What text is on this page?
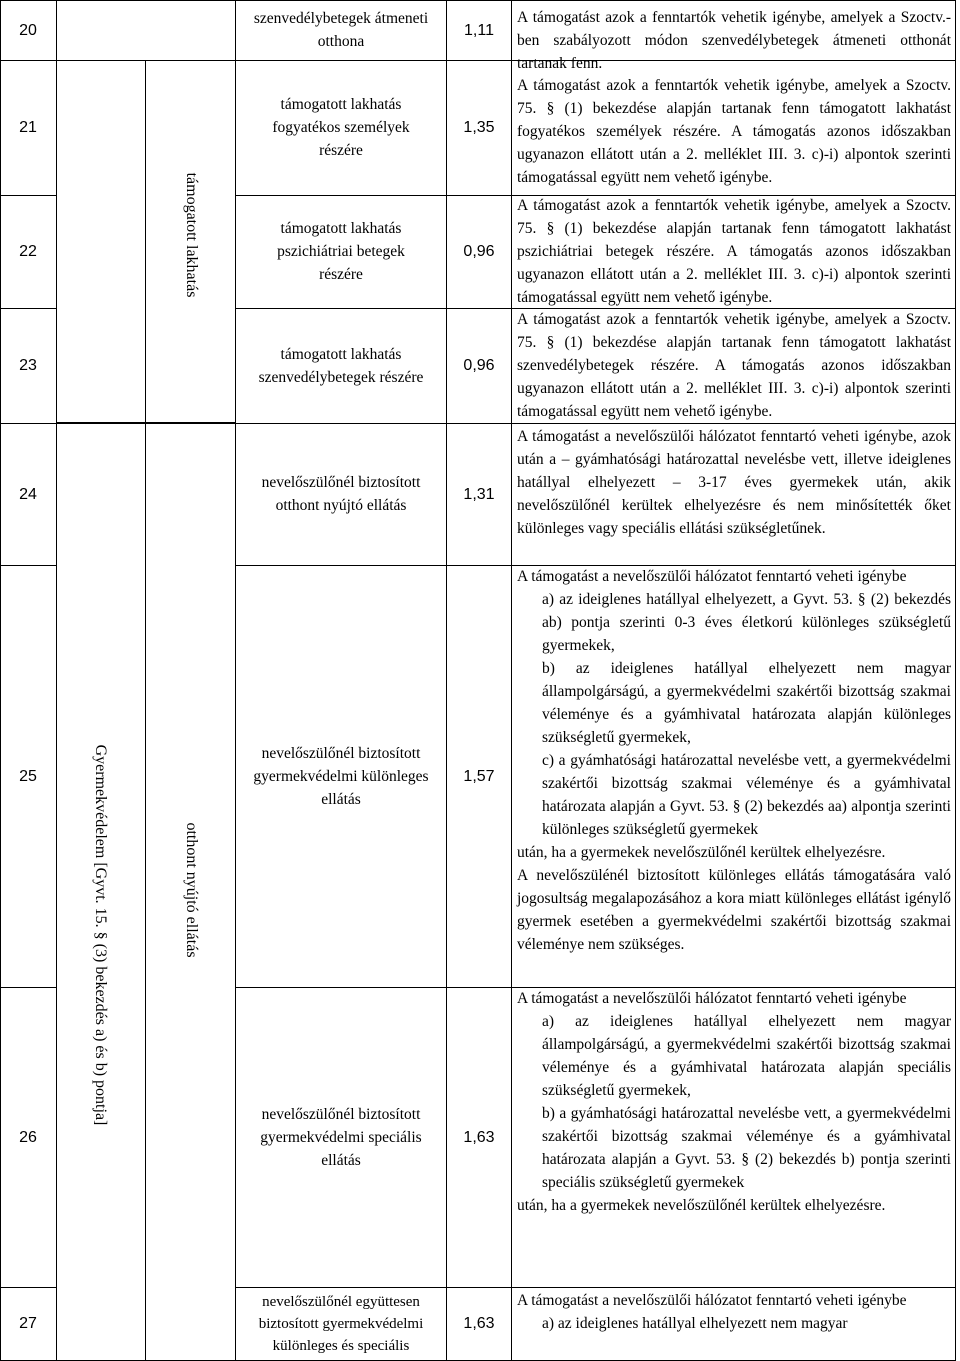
Gyermekvédelem [Gyvt. 15. § (3) bekezdés a) és b) pontja]
támogatott lakhatás
otthont nyújtó ellátás
20
szenvedélybetegek átmeneti otthona
1,11

A támogatást azok a fenntartók vehetik igénybe, amelyek a Szoctv.-ben szabályozott módon szenvedélybetegek átmeneti otthonát tartanak fenn.

21
támogatott lakhatás fogyatékos személyek részére
1,35

A támogatást azok a fenntartók vehetik igénybe, amelyek a Szoctv. 75. § (1) bekezdése alapján tartanak fenn támogatott lakhatást fogyatékos személyek részére. A támogatás azonos időszakban ugyanazon ellátott után a 2. melléklet III. 3. c)-i) alpontok szerinti támogatással együtt nem vehető igénybe.

22
támogatott lakhatás pszichiátriai betegek részére
0,96

A támogatást azok a fenntartók vehetik igénybe, amelyek a Szoctv. 75. § (1) bekezdése alapján tartanak fenn támogatott lakhatást pszichiátriai betegek részére. A támogatás azonos időszakban ugyanazon ellátott után a 2. melléklet III. 3. c)-i) alpontok szerinti támogatással együtt nem vehető igénybe.

23
támogatott lakhatás szenvedélybetegek részére
0,96

A támogatást azok a fenntartók vehetik igénybe, amelyek a Szoctv. 75. § (1) bekezdése alapján tartanak fenn támogatott lakhatást szenvedélybetegek részére. A támogatás azonos időszakban ugyanazon ellátott után a 2. melléklet III. 3. c)-i) alpontok szerinti támogatással együtt nem vehető igénybe.

24
nevelőszülőnél biztosított otthont nyújtó ellátás
1,31

A támogatást a nevelőszülői hálózatot fenntartó veheti igénybe, azok után a – gyámhatósági határozattal nevelésbe vett, illetve ideiglenes hatállyal elhelyezett – 3-17 éves gyermekek után, akik nevelőszülőnél kerültek elhelyezésre és nem minősítették őket különleges vagy speciális ellátási szükségletűnek.

25
nevelőszülőnél biztosított gyermekvédelmi különleges ellátás
1,57

A támogatást a nevelőszülői hálózatot fenntartó veheti igénybe

a) az ideiglenes hatállyal elhelyezett, a Gyvt. 53. § (2) bekezdés ab) pontja szerinti 0-3 éves életkorú különleges szükségletű gyermekek,

b) az ideiglenes hatállyal elhelyezett nem magyar állampolgárságú, a gyermekvédelmi szakértői bizottság szakmai véleménye és a gyámhivatal határozata alapján különleges szükségletű gyermekek,

c) a gyámhatósági határozattal nevelésbe vett, a gyermekvédelmi szakértői bizottság szakmai véleménye és a gyámhivatal határozata alapján a Gyvt. 53. § (2) bekezdés aa) alpontja szerinti különleges szükségletű gyermekek

után, ha a gyermekek nevelőszülőnél kerültek elhelyezésre.

A nevelőszülénél biztosított különleges ellátás támogatására való jogosultság megalapozásához a kora miatt különleges ellátást igénylő gyermek esetében a gyermekvédelmi szakértői bizottság szakmai véleménye nem szükséges.

26
nevelőszülőnél biztosított gyermekvédelmi speciális ellátás
1,63

A támogatást a nevelőszülői hálózatot fenntartó veheti igénybe

a) az ideiglenes hatállyal elhelyezett nem magyar állampolgárságú, a gyermekvédelmi szakértői bizottság szakmai véleménye és a gyámhivatal határozata alapján speciális szükségletű gyermekek,

b) a gyámhatósági határozattal nevelésbe vett, a gyermekvédelmi szakértői bizottság szakmai véleménye és a gyámhivatal határozata alapján a Gyvt. 53. § (2) bekezdés b) pontja szerinti speciális szükségletű gyermekek

után, ha a gyermekek nevelőszülőnél kerültek elhelyezésre.

27
nevelőszülőnél együttesen biztosított gyermekvédelmi különleges és speciális
1,63

A támogatást a nevelőszülői hálózatot fenntartó veheti igénybe

a) az ideiglenes hatállyal elhelyezett nem magyar
